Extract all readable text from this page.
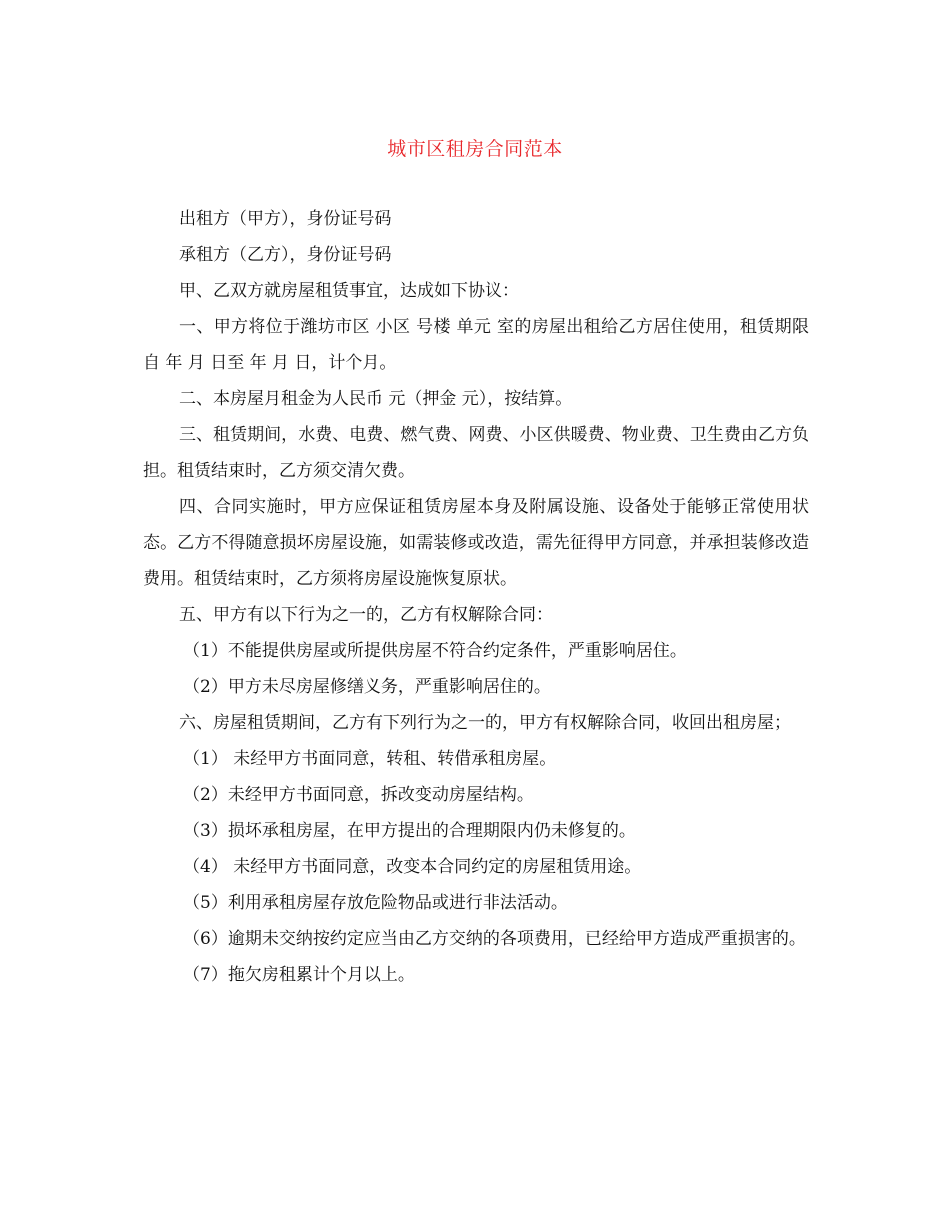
城市区租房合同范本

出租方（甲方），身份证号码

承租方（乙方），身份证号码

甲、乙双方就房屋租赁事宜，达成如下协议：

一、甲方将位于潍坊市区 小区 号楼 单元 室的房屋出租给乙方居住使用，租赁期限自 年 月 日至 年 月 日，计个月。

二、本房屋月租金为人民币 元（押金 元），按结算。

三、租赁期间，水费、电费、燃气费、网费、小区供暖费、物业费、卫生费由乙方负担。租赁结束时，乙方须交清欠费。

四、合同实施时，甲方应保证租赁房屋本身及附属设施、设备处于能够正常使用状态。乙方不得随意损坏房屋设施，如需装修或改造，需先征得甲方同意，并承担装修改造费用。租赁结束时，乙方须将房屋设施恢复原状。

五、甲方有以下行为之一的，乙方有权解除合同：

（1）不能提供房屋或所提供房屋不符合约定条件，严重影响居住。

（2）甲方未尽房屋修缮义务，严重影响居住的。

六、房屋租赁期间，乙方有下列行为之一的，甲方有权解除合同，收回出租房屋；

（1） 未经甲方书面同意，转租、转借承租房屋。

（2）未经甲方书面同意，拆改变动房屋结构。

（3）损坏承租房屋，在甲方提出的合理期限内仍未修复的。

（4） 未经甲方书面同意，改变本合同约定的房屋租赁用途。

（5）利用承租房屋存放危险物品或进行非法活动。

（6）逾期未交纳按约定应当由乙方交纳的各项费用，已经给甲方造成严重损害的。

（7）拖欠房租累计个月以上。
